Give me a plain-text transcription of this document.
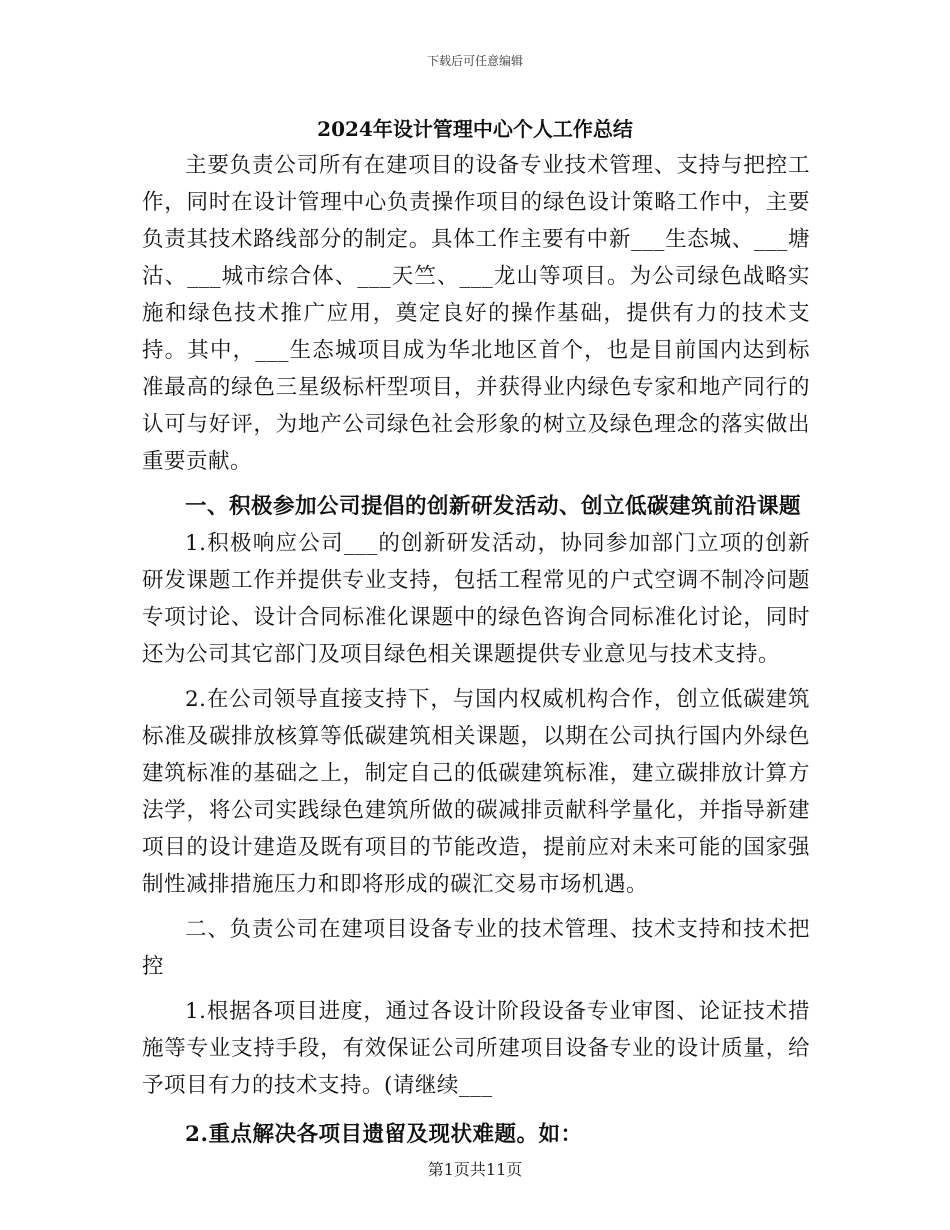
下载后可任意编辑
2024年设计管理中心个人工作总结

主要负责公司所有在建项目的设备专业技术管理、支持与把控工作，同时在设计管理中心负责操作项目的绿色设计策略工作中，主要负责其技术路线部分的制定。具体工作主要有中新___生态城、___塘沽、___城市综合体、___天竺、___龙山等项目。为公司绿色战略实施和绿色技术推广应用，奠定良好的操作基础，提供有力的技术支持。其中，___生态城项目成为华北地区首个，也是目前国内达到标准最高的绿色三星级标杆型项目，并获得业内绿色专家和地产同行的认可与好评，为地产公司绿色社会形象的树立及绿色理念的落实做出重要贡献。

一、积极参加公司提倡的创新研发活动、创立低碳建筑前沿课题

1.积极响应公司___的创新研发活动，协同参加部门立项的创新研发课题工作并提供专业支持，包括工程常见的户式空调不制冷问题专项讨论、设计合同标准化课题中的绿色咨询合同标准化讨论，同时还为公司其它部门及项目绿色相关课题提供专业意见与技术支持。

2.在公司领导直接支持下，与国内权威机构合作，创立低碳建筑标准及碳排放核算等低碳建筑相关课题，以期在公司执行国内外绿色建筑标准的基础之上，制定自己的低碳建筑标准，建立碳排放计算方法学，将公司实践绿色建筑所做的碳减排贡献科学量化，并指导新建项目的设计建造及既有项目的节能改造，提前应对未来可能的国家强制性减排措施压力和即将形成的碳汇交易市场机遇。

二、负责公司在建项目设备专业的技术管理、技术支持和技术把控

1.根据各项目进度，通过各设计阶段设备专业审图、论证技术措施等专业支持手段，有效保证公司所建项目设备专业的设计质量，给予项目有力的技术支持。(请继续___

2.重点解决各项目遗留及现状难题。如：

第1页共11页
